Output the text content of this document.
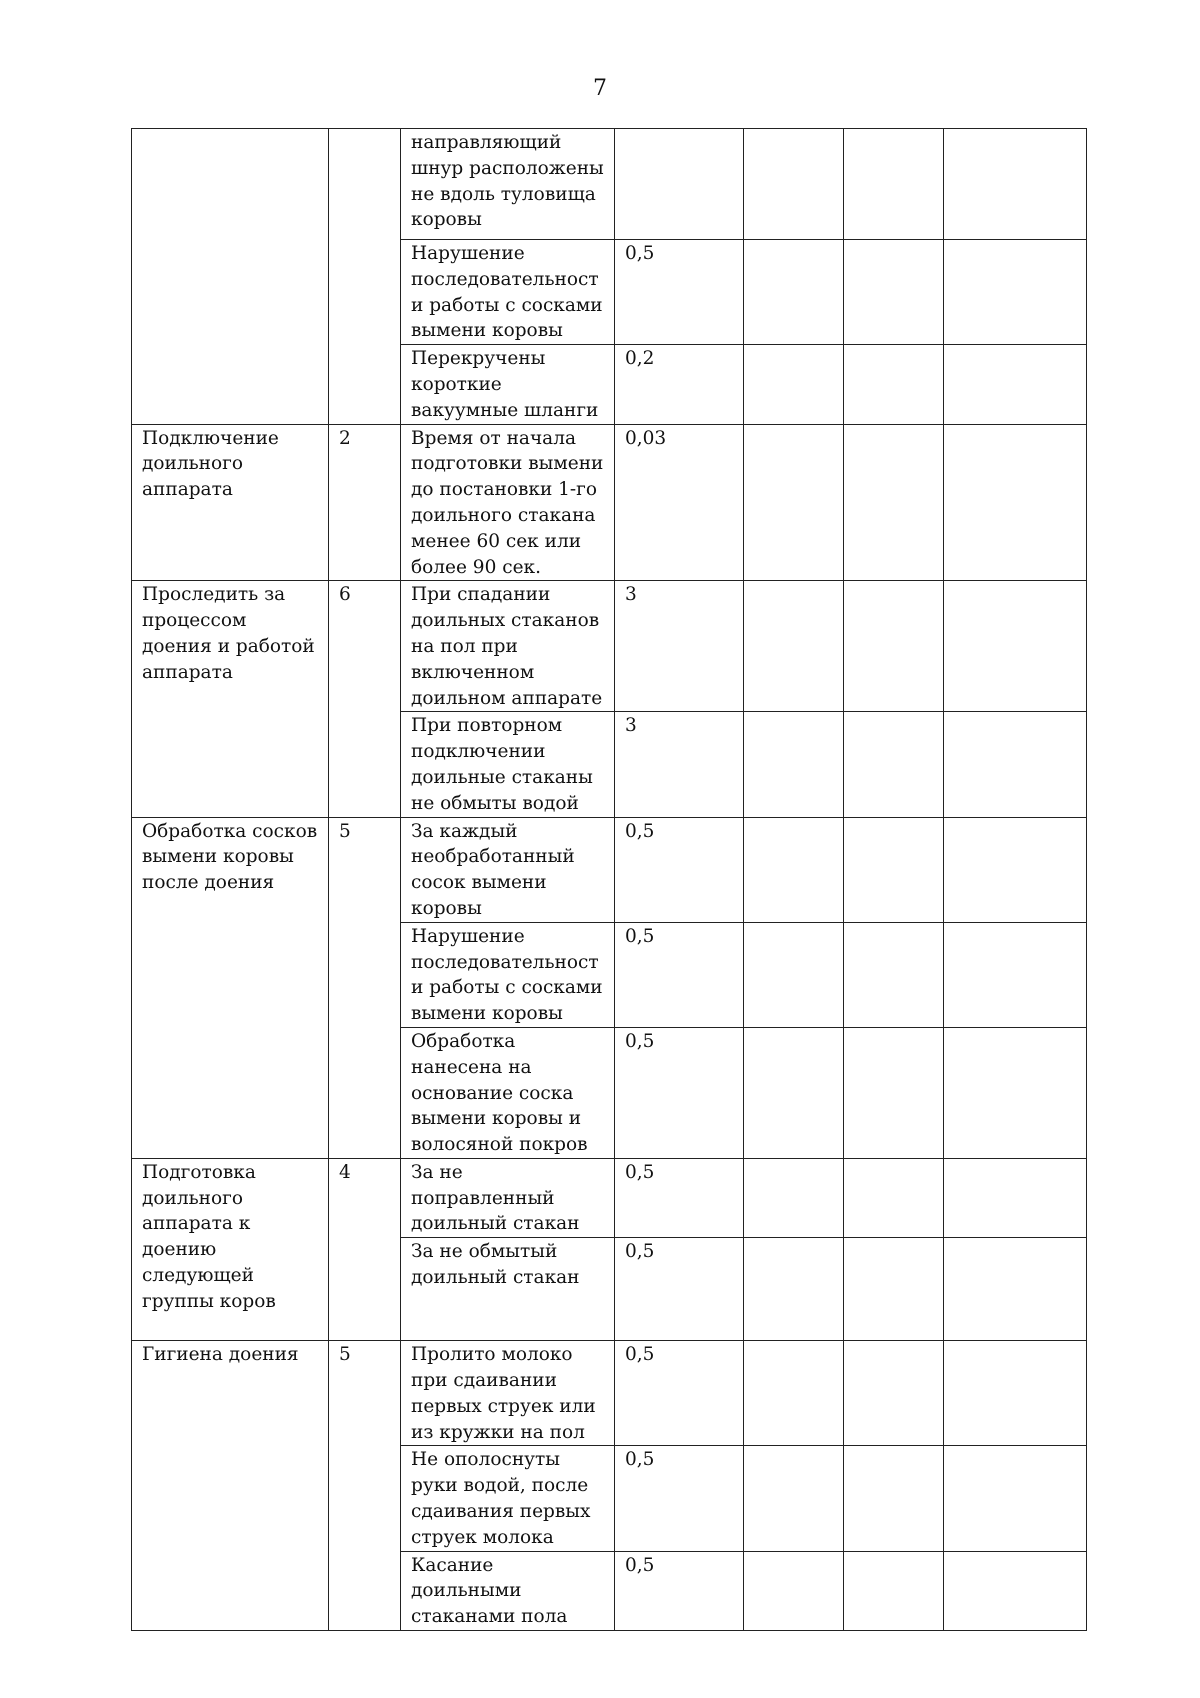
7

		направляющий шнур расположены не вдоль туловища коровы				

		Нарушение последовательности работы с сосками вымени коровы	0,5			

		Перекручены короткие вакуумные шланги	0,2			

Подключение доильного аппарата	2	Время от начала подготовки вымени до постановки 1-го доильного стакана менее 60 сек или более 90 сек.	0,03			

Проследить за процессом доения и работой аппарата	6	При спадании доильных стаканов на пол при включенном доильном аппарате	3			

		При повторном подключении доильные стаканы не обмыты водой	3			

Обработка сосков вымени коровы после доения	5	За каждый необработанный сосок вымени коровы	0,5			

		Нарушение последовательности работы с сосками вымени коровы	0,5			

		Обработка нанесена на основание соска вымени коровы и волосяной покров	0,5			

Подготовка доильного аппарата к доению следующей группы коров	4	За не поправленный доильный стакан	0,5			

		За не обмытый доильный стакан	0,5			

Гигиена доения	5	Пролито молоко при сдаивании первых струек или из кружки на пол	0,5			

		Не ополоснуты руки водой, после сдаивания первых струек молока	0,5			

		Касание доильными стаканами пола	0,5			
